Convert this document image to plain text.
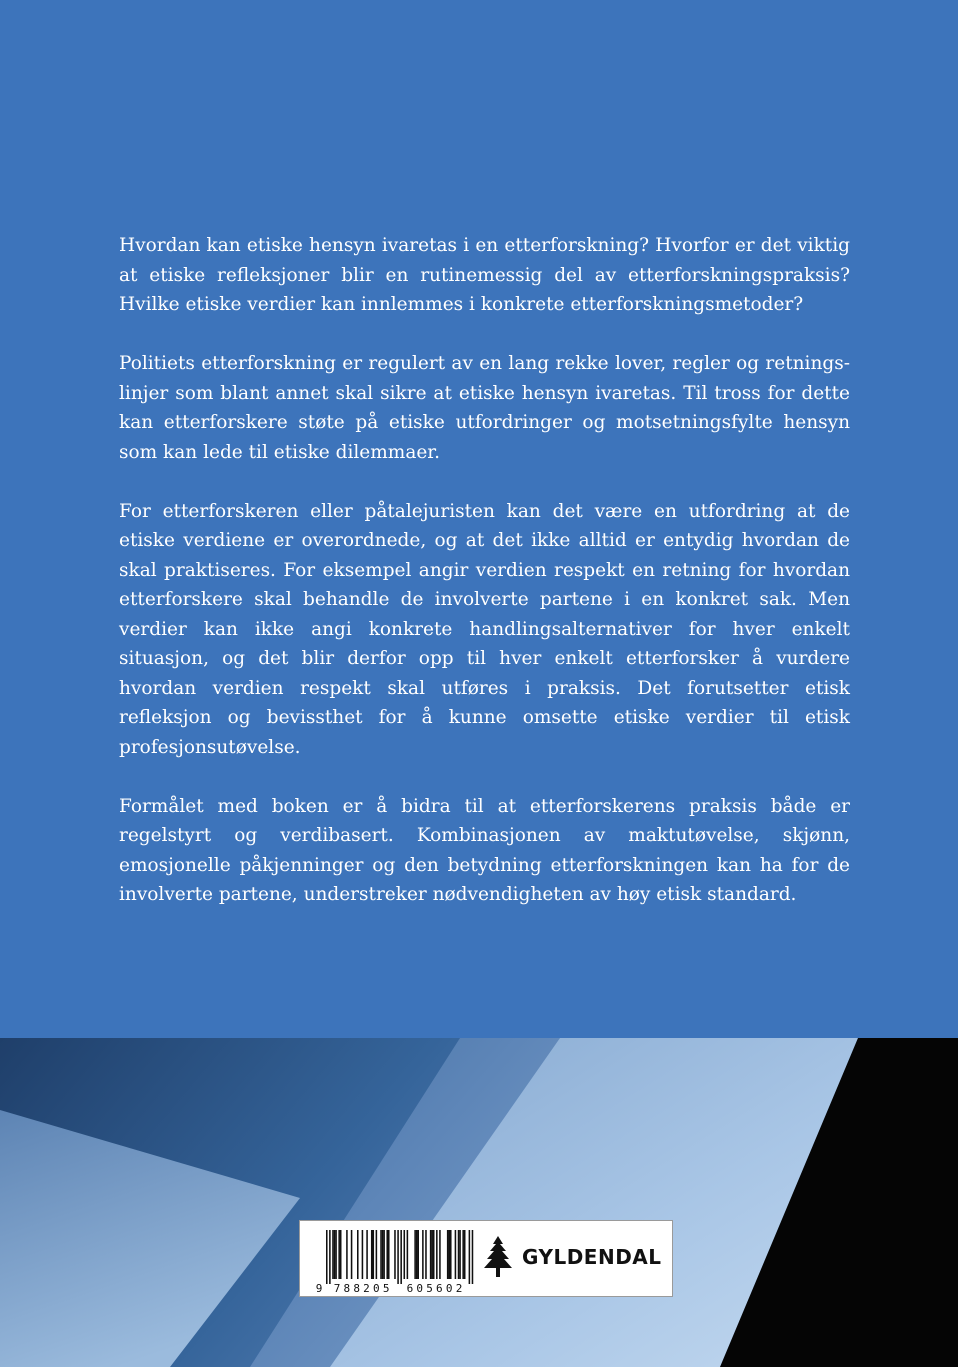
Hvordan kan etiske hensyn ivaretas i en etterforskning? Hvorfor er det viktig at etiske refleksjoner blir en rutinemessig del av etterforskningspraksis? Hvilke etiske verdier kan innlemmes i konkrete etterforskningsmetoder?

Politiets etterforskning er regulert av en lang rekke lover, regler og retningslinjer som blant annet skal sikre at etiske hensyn ivaretas. Til tross for dette kan etterforskere støte på etiske utfordringer og motsetningsfylte hensyn som kan lede til etiske dilemmaer.

For etterforskeren eller påtalejuristen kan det være en utfordring at de etiske verdiene er overordnede, og at det ikke alltid er entydig hvordan de skal praktiseres. For eksempel angir verdien respekt en retning for hvordan etterforskere skal behandle de involverte partene i en konkret sak. Men verdier kan ikke angi konkrete handlingsalternativer for hver enkelt situasjon, og det blir derfor opp til hver enkelt etterforsker å vurdere hvordan verdien respekt skal utføres i praksis. Det forutsetter etisk refleksjon og bevissthet for å kunne omsette etiske verdier til etisk profesjonsutøvelse.

Formålet med boken er å bidra til at etterforskerens praksis både er regelstyrt og verdibasert. Kombinasjonen av maktutøvelse, skjønn, emosjonelle påkjenninger og den betydning etterforskningen kan ha for de involverte partene, understreker nødvendigheten av høy etisk standard.

9 788205 605602
GYLDENDAL
